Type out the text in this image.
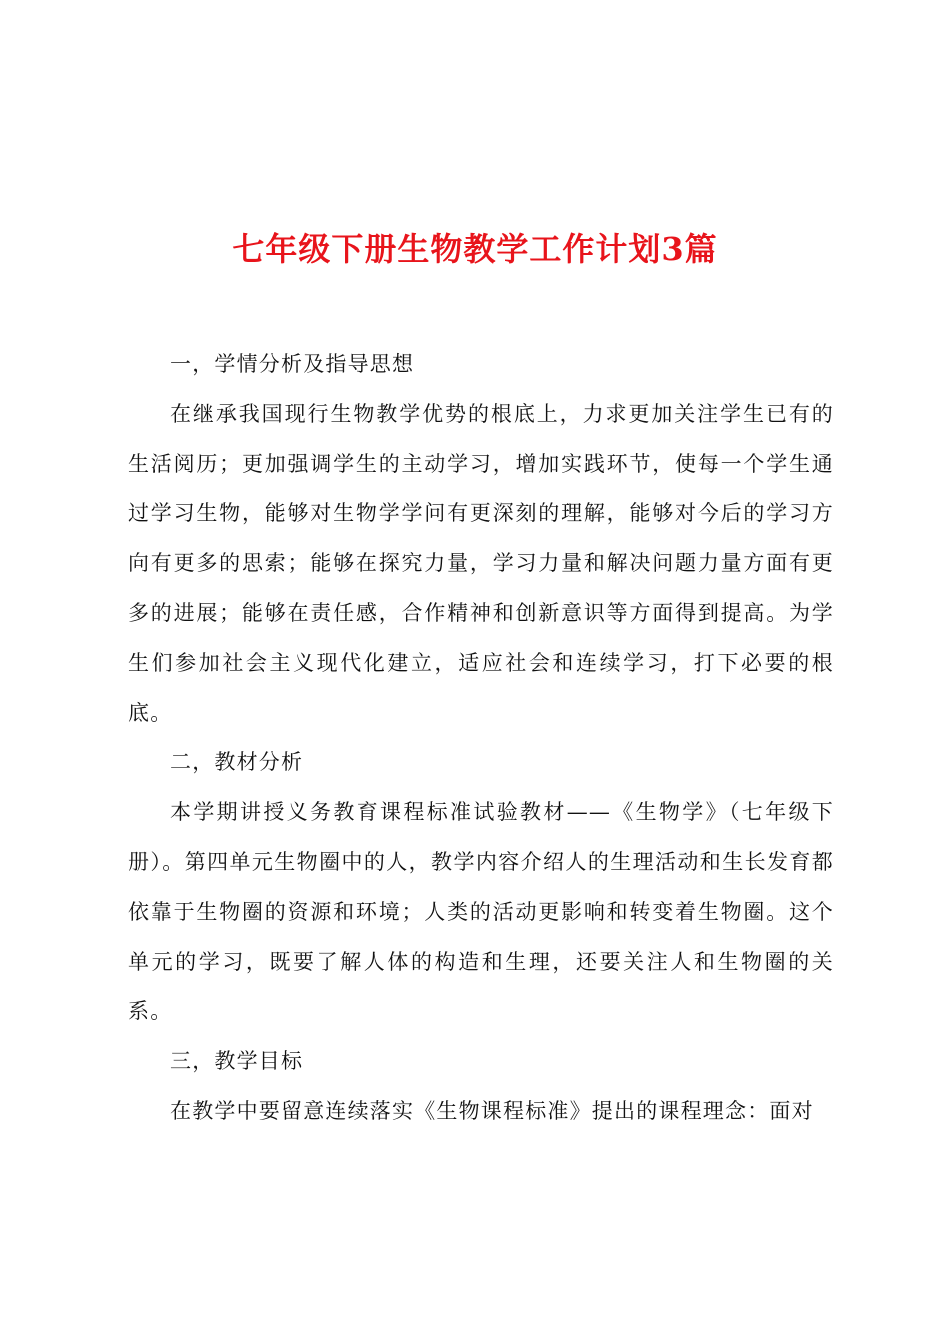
七年级下册生物教学工作计划3篇

一，学情分析及指导思想

在继承我国现行生物教学优势的根底上，力求更加关注学生已有的生活阅历；更加强调学生的主动学习，增加实践环节，使每一个学生通过学习生物，能够对生物学学问有更深刻的理解，能够对今后的学习方向有更多的思索；能够在探究力量，学习力量和解决问题力量方面有更多的进展；能够在责任感，合作精神和创新意识等方面得到提高。为学生们参加社会主义现代化建立，适应社会和连续学习，打下必要的根底。

二，教材分析

本学期讲授义务教育课程标准试验教材——《生物学》（七年级下册）。第四单元生物圈中的人，教学内容介绍人的生理活动和生长发育都依靠于生物圈的资源和环境；人类的活动更影响和转变着生物圈。这个单元的学习，既要了解人体的构造和生理，还要关注人和生物圈的关系。

三，教学目标

在教学中要留意连续落实《生物课程标准》提出的课程理念：面对
